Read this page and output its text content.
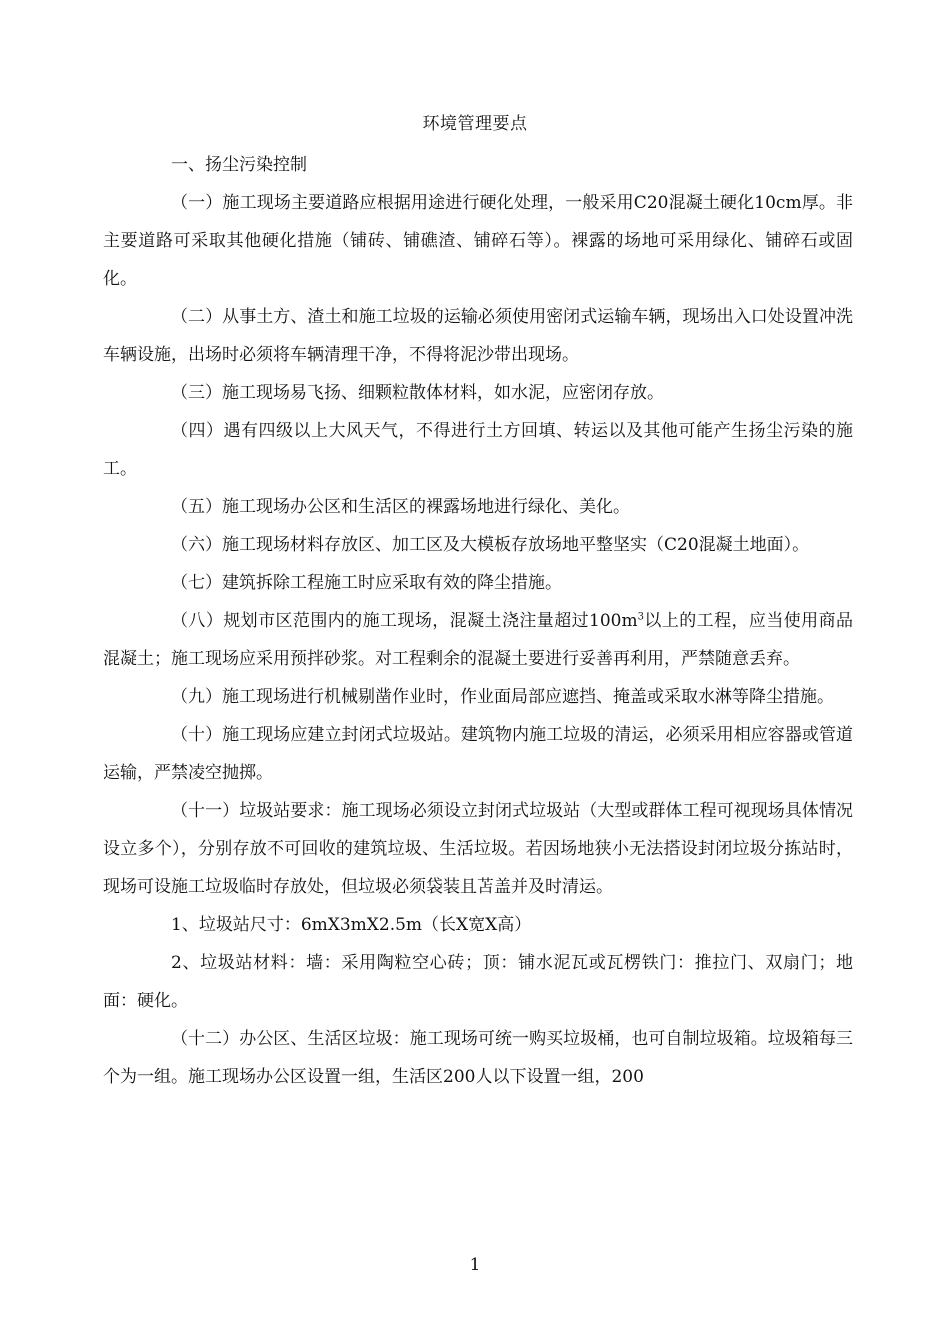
环境管理要点

一、扬尘污染控制

（一）施工现场主要道路应根据用途进行硬化处理，一般采用C20混凝土硬化10cm厚。非主要道路可采取其他硬化措施（铺砖、铺礁渣、铺碎石等）。裸露的场地可采用绿化、铺碎石或固化。

（二）从事土方、渣土和施工垃圾的运输必须使用密闭式运输车辆，现场出入口处设置冲洗车辆设施，出场时必须将车辆清理干净，不得将泥沙带出现场。

（三）施工现场易飞扬、细颗粒散体材料，如水泥，应密闭存放。

（四）遇有四级以上大风天气，不得进行土方回填、转运以及其他可能产生扬尘污染的施工。

（五）施工现场办公区和生活区的裸露场地进行绿化、美化。

（六）施工现场材料存放区、加工区及大模板存放场地平整坚实（C20混凝土地面）。

（七）建筑拆除工程施工时应采取有效的降尘措施。

（八）规划市区范围内的施工现场，混凝土浇注量超过$100m^3$以上的工程，应当使用商品混凝土；施工现场应采用预拌砂浆。对工程剩余的混凝土要进行妥善再利用，严禁随意丢弃。

（九）施工现场进行机械剔凿作业时，作业面局部应遮挡、掩盖或采取水淋等降尘措施。

（十）施工现场应建立封闭式垃圾站。建筑物内施工垃圾的清运，必须采用相应容器或管道运输，严禁凌空抛掷。

（十一）垃圾站要求：施工现场必须设立封闭式垃圾站（大型或群体工程可视现场具体情况设立多个），分别存放不可回收的建筑垃圾、生活垃圾。若因场地狭小无法搭设封闭垃圾分拣站时，现场可设施工垃圾临时存放处，但垃圾必须袋装且苫盖并及时清运。

1、垃圾站尺寸：6mX3mX2.5m（长X宽X高）

2、垃圾站材料：墙：采用陶粒空心砖；顶：铺水泥瓦或瓦楞铁门：推拉门、双扇门；地面：硬化。

（十二）办公区、生活区垃圾：施工现场可统一购买垃圾桶，也可自制垃圾箱。垃圾箱每三个为一组。施工现场办公区设置一组，生活区200人以下设置一组，200

1
